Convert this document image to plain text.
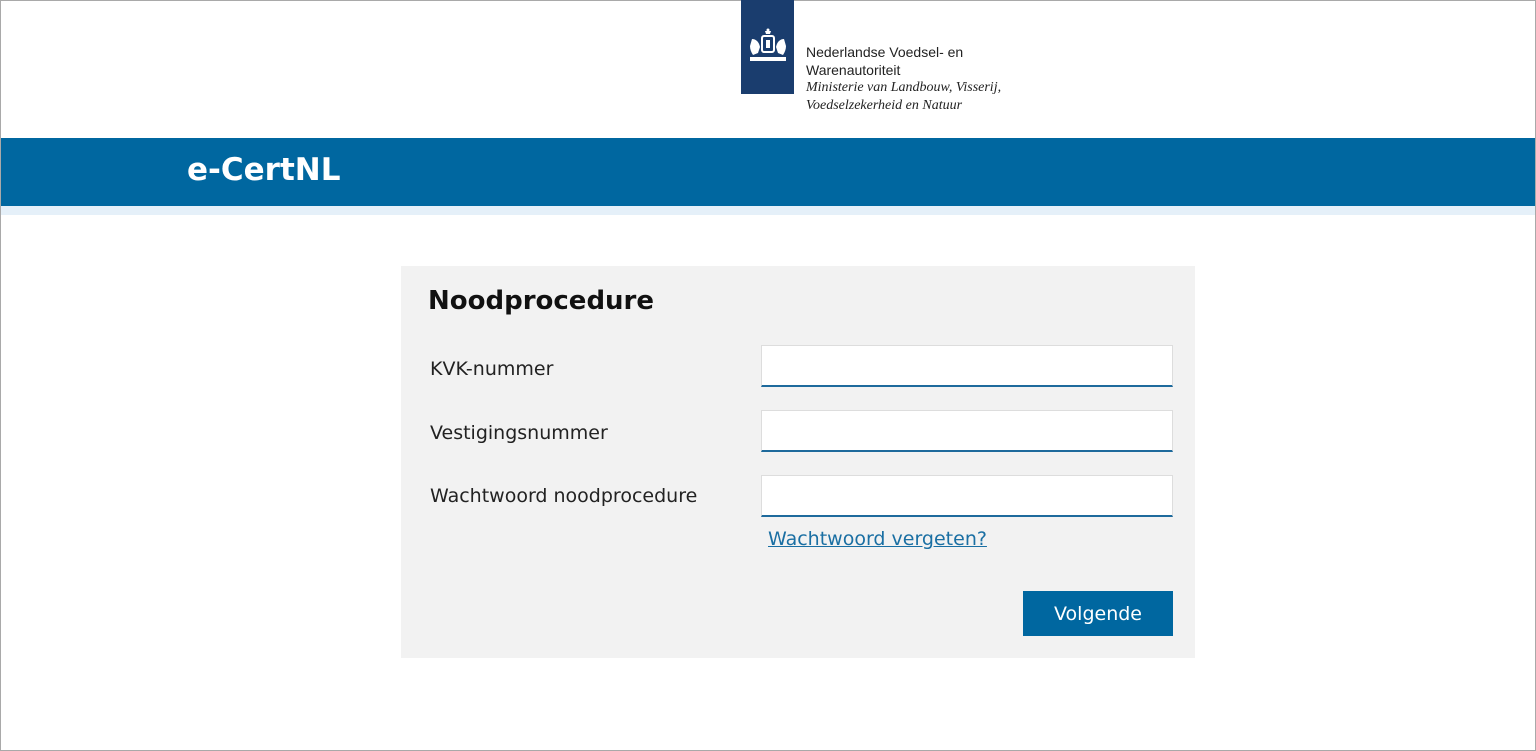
Nederlandse Voedsel- en
Warenautoriteit
Ministerie van Landbouw, Visserij,
Voedselzekerheid en Natuur
e-CertNL
Noodprocedure
KVK-nummer
Vestigingsnummer
Wachtwoord noodprocedure
Wachtwoord vergeten?
Volgende
